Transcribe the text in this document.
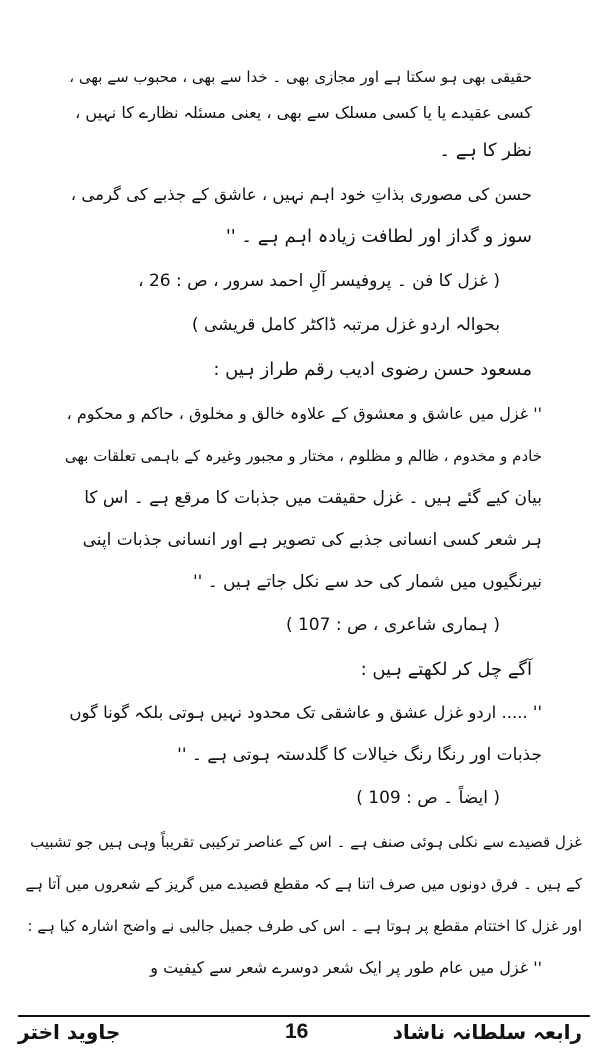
حقیقی بھی ہو سکتا ہے اور مجازی بھی ۔ خدا سے بھی ، محبوب سے بھی ،
کسی عقیدے یا یا کسی مسلک سے بھی ، یعنی مسئلہ نظارے کا نہیں ،
نظر کا ہے ۔
حسن کی مصوری بذاتِ خود اہم نہیں ، عاشق کے جذبے کی گرمی ،
سوز و گداز اور لطافت زیادہ اہم ہے ۔ ''
( غزل کا فن ۔ پروفیسر آلِ احمد سرور ، ص : 26 ،
بحوالہ اردو غزل مرتبہ ڈاکٹر کامل قریشی )
مسعود حسن رضوی ادیب رقم طراز ہیں :
'' غزل میں عاشق و معشوق کے علاوہ خالق و مخلوق ، حاکم و محکوم ،
خادم و مخدوم ، ظالم و مظلوم ، مختار و مجبور وغیرہ کے باہمی تعلقات بھی
بیان کیے گئے ہیں ۔ غزل حقیقت میں جذبات کا مرقع ہے ۔ اس کا
ہر شعر کسی انسانی جذبے کی تصویر ہے اور انسانی جذبات اپنی
نیرنگیوں میں شمار کی حد سے نکل جاتے ہیں ۔ ''
( ہماری شاعری ، ص : 107 )
آگے چل کر لکھتے ہیں :
'' ..... اردو غزل عشق و عاشقی تک محدود نہیں ہوتی بلکہ گونا گوں
جذبات اور رنگا رنگ خیالات کا گلدستہ ہوتی ہے ۔ ''
( ایضاً ۔ ص : 109 )
غزل قصیدے سے نکلی ہوئی صنف ہے ۔ اس کے عناصر ترکیبی تقریباً وہی ہیں جو تشبیب
کے ہیں ۔ فرق دونوں میں صرف اتنا ہے کہ مقطع قصیدے میں گریز کے شعروں میں آتا ہے
اور غزل کا اختتام مقطع پر ہوتا ہے ۔ اس کی طرف جمیل جالبی نے واضح اشارہ کیا ہے :
'' غزل میں عام طور پر ایک شعر دوسرے شعر سے کیفیت و
رابعہ سلطانہ ناشاد
16
جاوید اختر
